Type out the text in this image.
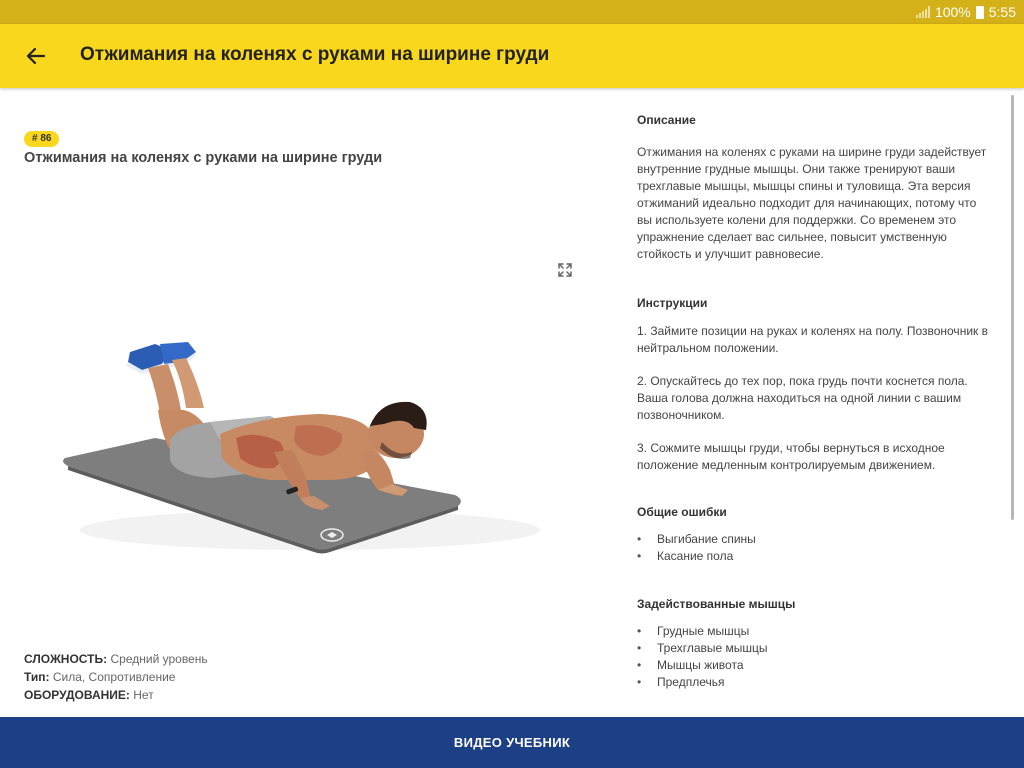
100% 5:55
Отжимания на коленях с руками на ширине груди
# 86
Отжимания на коленях с руками на ширине груди
СЛОЖНОСТЬ: Средний уровень
Тип: Сила, Сопротивление
ОБОРУДОВАНИЕ: Нет
Описание

Отжимания на коленях с руками на ширине груди задействует внутренние грудные мышцы. Они также тренируют ваши трехглавые мышцы, мышцы спины и туловища. Эта версия отжиманий идеально подходит для начинающих, потому что вы используете колени для поддержки. Со временем это упражнение сделает вас сильнее, повысит умственную стойкость и улучшит равновесие.

Инструкции

1. Займите позиции на руках и коленях на полу. Позвоночник в нейтральном положении.

2. Опускайтесь до тех пор, пока грудь почти коснется пола. Ваша голова должна находиться на одной линии с вашим позвоночником.

3. Сожмите мышцы груди, чтобы вернуться в исходное положение медленным контролируемым движением.

Общие ошибки
• Выгибание спины
• Касание пола
Задействованные мышцы
• Грудные мышцы
• Трехглавые мышцы
• Мышцы живота
• Предплечья
ВИДЕО УЧЕБНИК
